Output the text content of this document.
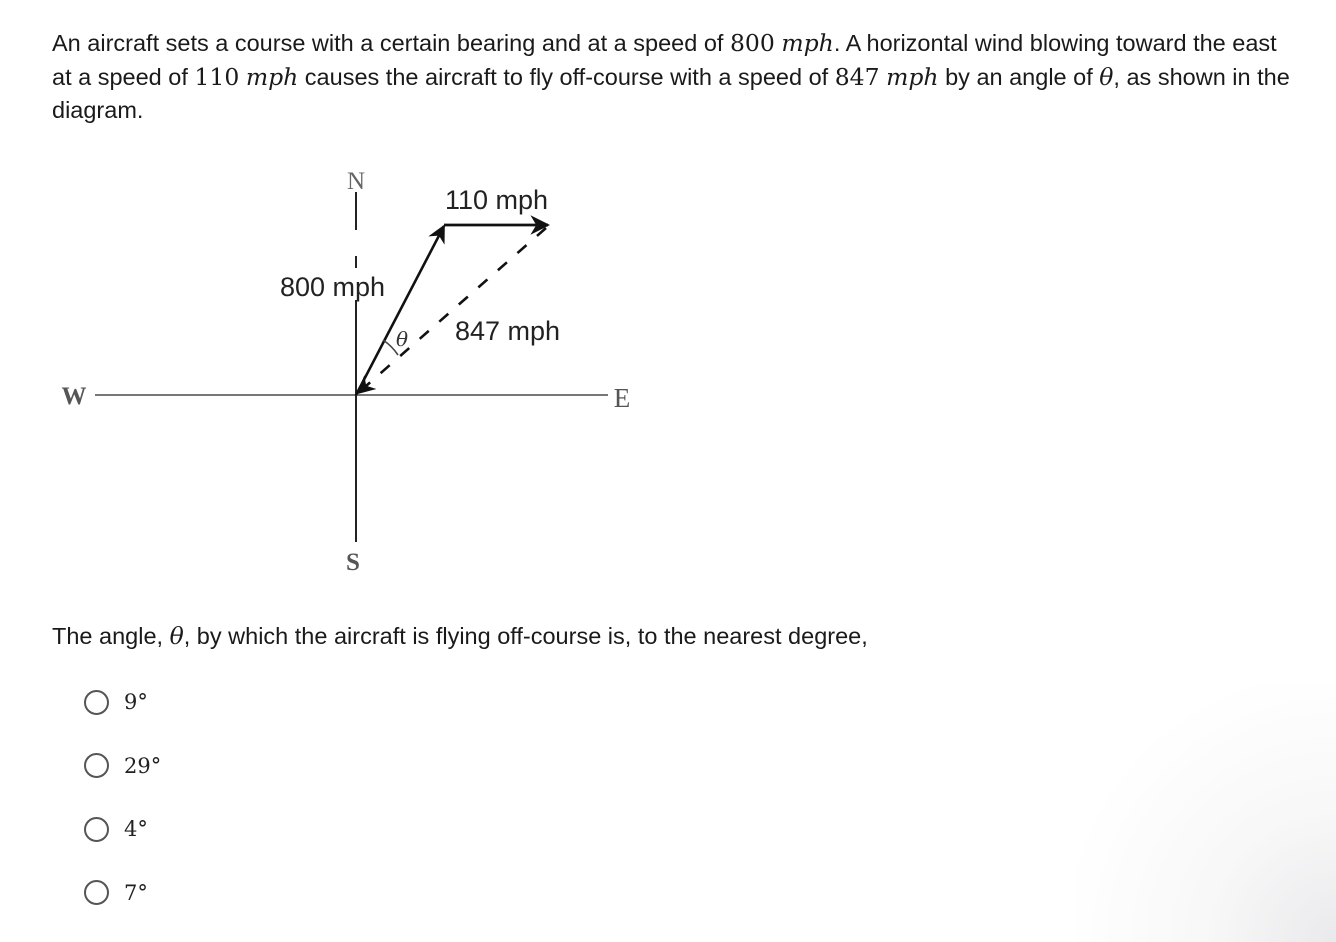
An aircraft sets a course with a certain bearing and at a speed of 800 mph. A horizontal wind blowing toward the east at a speed of 110 mph causes the aircraft to fly off-course with a speed of 847 mph by an angle of θ, as shown in the diagram.

N
S
W	E
110 mph
800 mph
847 mph
θ

The angle, θ, by which the aircraft is flying off-course is, to the nearest degree,

9°
29°
4°
7°
